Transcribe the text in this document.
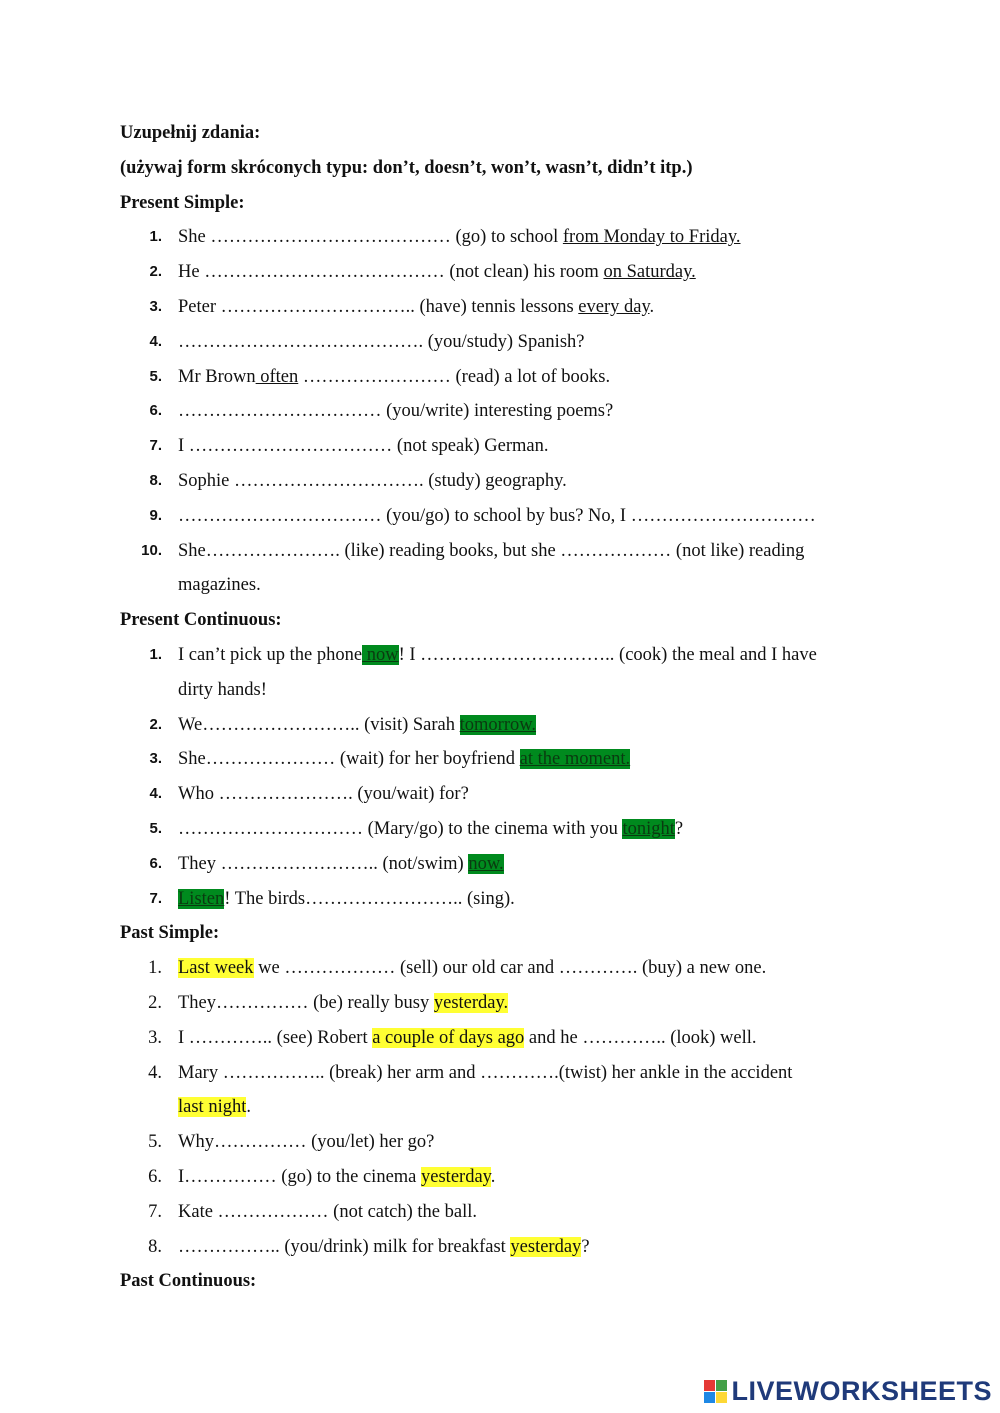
Uzupełnij zdania:
(używaj form skróconych typu: don’t, doesn’t, won’t, wasn’t, didn’t itp.)
Present Simple:
1. She ………………………………… (go) to school from Monday to Friday.
2. He ………………………………… (not clean) his room on Saturday.
3. Peter ………………………….. (have) tennis lessons every day.
4. …………………………………. (you/study) Spanish?
5. Mr Brown often …………………… (read) a lot of books.
6. …………………………… (you/write) interesting poems?
7. I …………………………… (not speak) German.
8. Sophie …………………………. (study) geography.
9. …………………………… (you/go) to school by bus? No, I …………………………
10. She…………………. (like) reading books, but she ……………… (not like) reading
magazines.
Present Continuous:
1. I can’t pick up the phone now! I ………………………….. (cook) the meal and I have
dirty hands!
2. We…………………….. (visit) Sarah tomorrow.
3. She………………… (wait) for her boyfriend at the moment.
4. Who …………………. (you/wait) for?
5. ………………………… (Mary/go) to the cinema with you tonight?
6. They …………………….. (not/swim) now.
7. Listen! The birds…………………….. (sing).
Past Simple:
1. Last week we ……………… (sell) our old car and …………. (buy) a new one.
2. They…………… (be) really busy yesterday.
3. I ………….. (see) Robert a couple of days ago and he ………….. (look) well.
4. Mary …………….. (break) her arm and ………….(twist) her ankle in the accident
last night.
5. Why…………… (you/let) her go?
6. I…………… (go) to the cinema yesterday.
7. Kate ……………… (not catch) the ball.
8. …………….. (you/drink) milk for breakfast yesterday?
Past Continuous:
LIVEWORKSHEETS
